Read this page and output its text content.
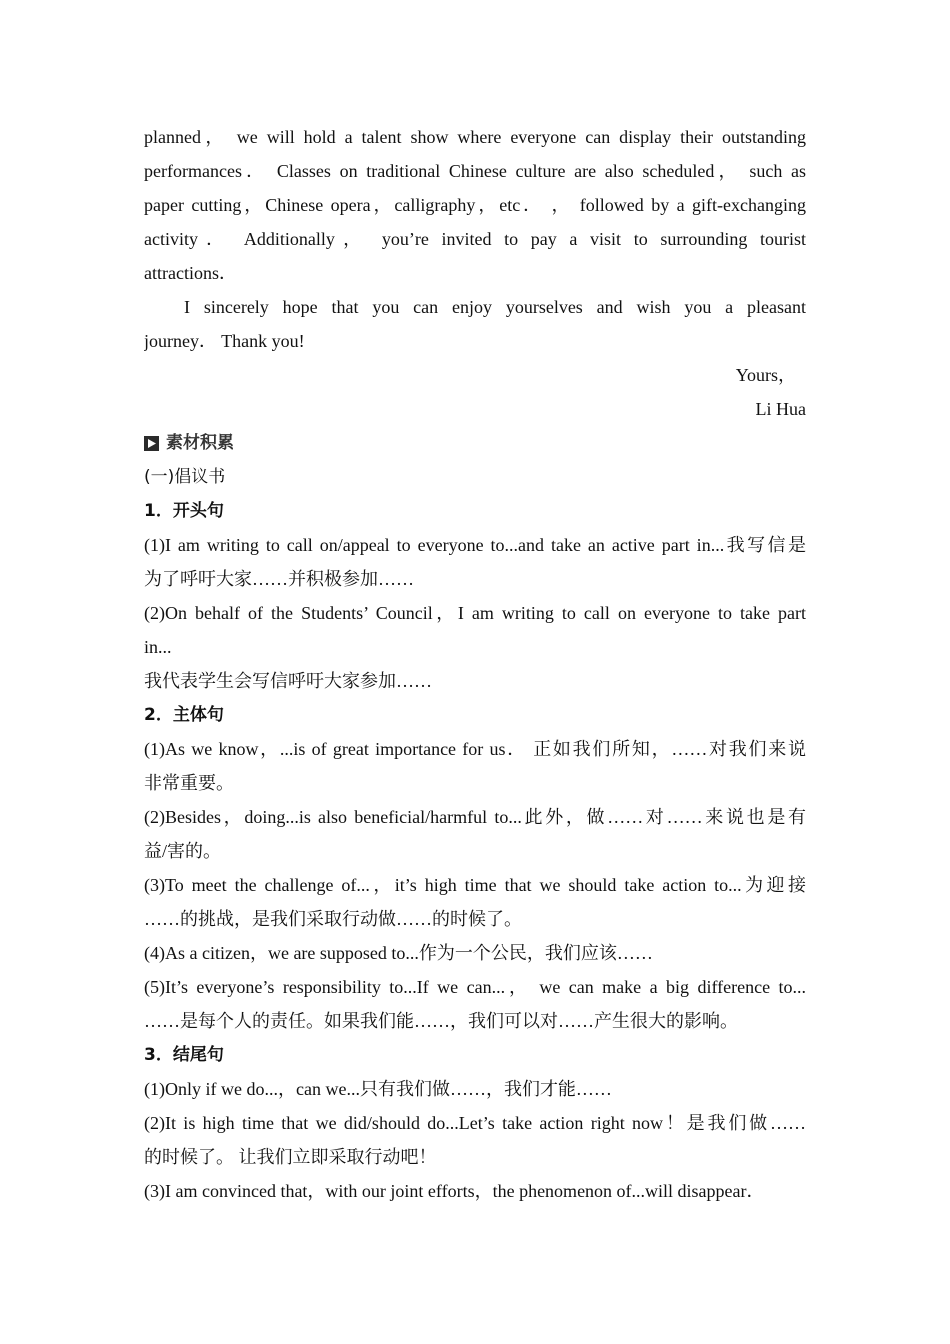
planned， we will hold a talent show where everyone can display their outstanding
performances． Classes on traditional Chinese culture are also scheduled， such as
paper cutting，Chinese opera，calligraphy，etc． ， followed by a gift-exchanging
activity． Additionally， you’re invited to pay a visit to surrounding tourist
attractions．
I sincerely hope that you can enjoy yourselves and wish you a pleasant
journey． Thank you!
Yours，
Li Hua
素材积累
(一)倡议书
1．开头句
(1)I am writing to call on/appeal to everyone to...and take an active part in...我写信是
为了呼吁大家……并积极参加……
(2)On behalf of the Students’ Council，I am writing to call on everyone to take part
in...
我代表学生会写信呼吁大家参加……
2．主体句
(1)As we know，...is of great importance for us． 正如我们所知，……对我们来说
非常重要。
(2)Besides，doing...is also beneficial/harmful to...此外，做……对……来说也是有
益/害的。
(3)To meet the challenge of...，it’s high time that we should take action to...为迎接
……的挑战，是我们采取行动做……的时候了。
(4)As a citizen，we are supposed to...作为一个公民，我们应该……
(5)It’s everyone’s responsibility to...If we can...， we can make a big difference to...
……是每个人的责任。如果我们能……，我们可以对……产生很大的影响。
3．结尾句
(1)Only if we do...，can we...只有我们做……，我们才能……
(2)It is high time that we did/should do...Let’s take action right now！是我们做……
的时候了。 让我们立即采取行动吧！
(3)I am convinced that，with our joint efforts，the phenomenon of...will disappear．
